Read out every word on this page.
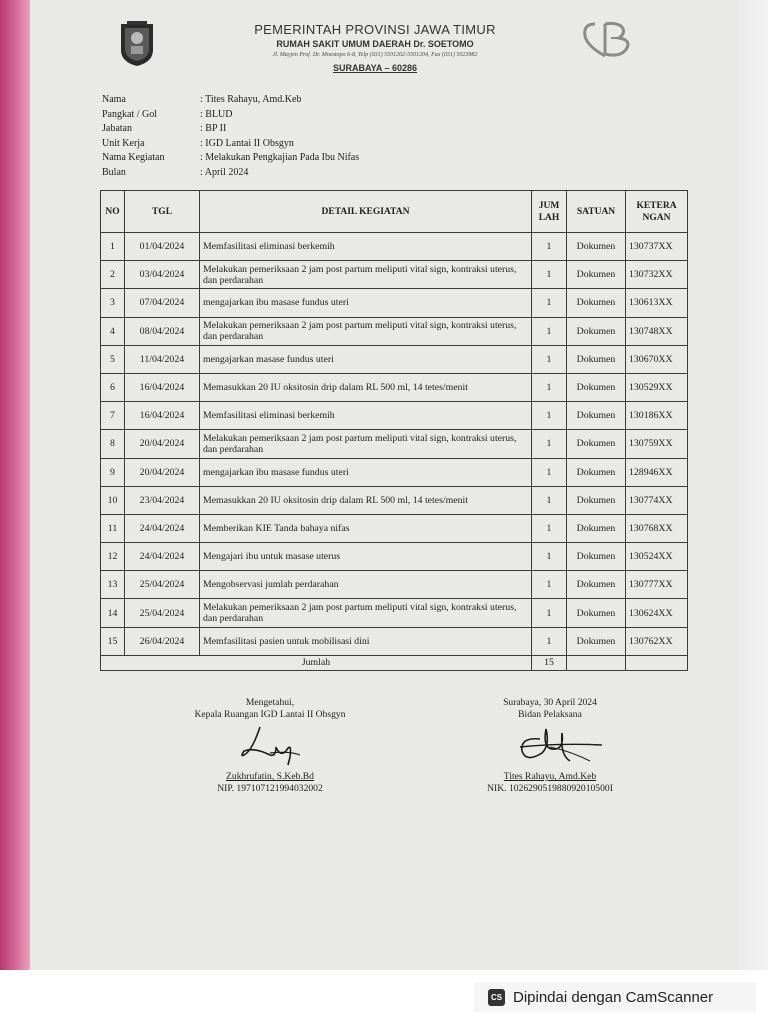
PEMERINTAH PROVINSI JAWA TIMUR
RUMAH SAKIT UMUM DAERAH Dr. SOETOMO
Jl. Mayjen Prof. Dr. Moestopo 6-8, Telp (031) 5501202-5501204, Fax (031) 5023982
SURABAYA – 60286
Nama	: Tites Rahayu, Amd.Keb
Pangkat / Gol	: BLUD
Jabatan	: BP II
Unit Kerja	: IGD Lantai II Obsgyn
Nama Kegiatan	: Melakukan Pengkajian Pada Ibu Nifas
Bulan	: April 2024
NO	TGL	DETAIL KEGIATAN	JUM LAH	SATUAN	KETERA NGAN
1	01/04/2024	Memfasilitasi eliminasi berkemih	1	Dokumen	130737XX
2	03/04/2024	Melakukan pemeriksaan 2 jam post partum meliputi vital sign, kontraksi uterus, dan perdarahan	1	Dokumen	130732XX
3	07/04/2024	mengajarkan ibu masase fundus uteri	1	Dokumen	130613XX
4	08/04/2024	Melakukan pemeriksaan 2 jam post partum meliputi vital sign, kontraksi uterus, dan perdarahan	1	Dokumen	130748XX
5	11/04/2024	mengajarkan masase fundus uteri	1	Dokumen	130670XX
6	16/04/2024	Memasukkan 20 IU oksitosin drip dalam RL 500 ml, 14 tetes/menit	1	Dokumen	130529XX
7	16/04/2024	Memfasilitasi eliminasi berkemih	1	Dokumen	130186XX
8	20/04/2024	Melakukan pemeriksaan 2 jam post partum meliputi vital sign, kontraksi uterus, dan perdarahan	1	Dokumen	130759XX
9	20/04/2024	mengajarkan ibu masase fundus uteri	1	Dokumen	128946XX
10	23/04/2024	Memasukkan 20 IU oksitosin drip dalam RL 500 ml, 14 tetes/menit	1	Dokumen	130774XX
11	24/04/2024	Memberikan KIE Tanda bahaya nifas	1	Dokumen	130768XX
12	24/04/2024	Mengajari ibu untuk masase uterus	1	Dokumen	130524XX
13	25/04/2024	Mengobservasi jumlah perdarahan	1	Dokumen	130777XX
14	25/04/2024	Melakukan pemeriksaan 2 jam post partum meliputi vital sign, kontraksi uterus, dan perdarahan	1	Dokumen	130624XX
15	26/04/2024	Memfasilitasi pasien untuk mobilisasi dini	1	Dokumen	130762XX
Jumlah			15		
Mengetahui,
Kepala Ruangan IGD Lantai II Obsgyn
Zukhrufatin, S.Keb.Bd
NIP. 197107121994032002
Surabaya, 30 April 2024
Bidan Pelaksana
Tites Rahayu, Amd.Keb
NIK. 102629051988092010500I
CS Dipindai dengan CamScanner
